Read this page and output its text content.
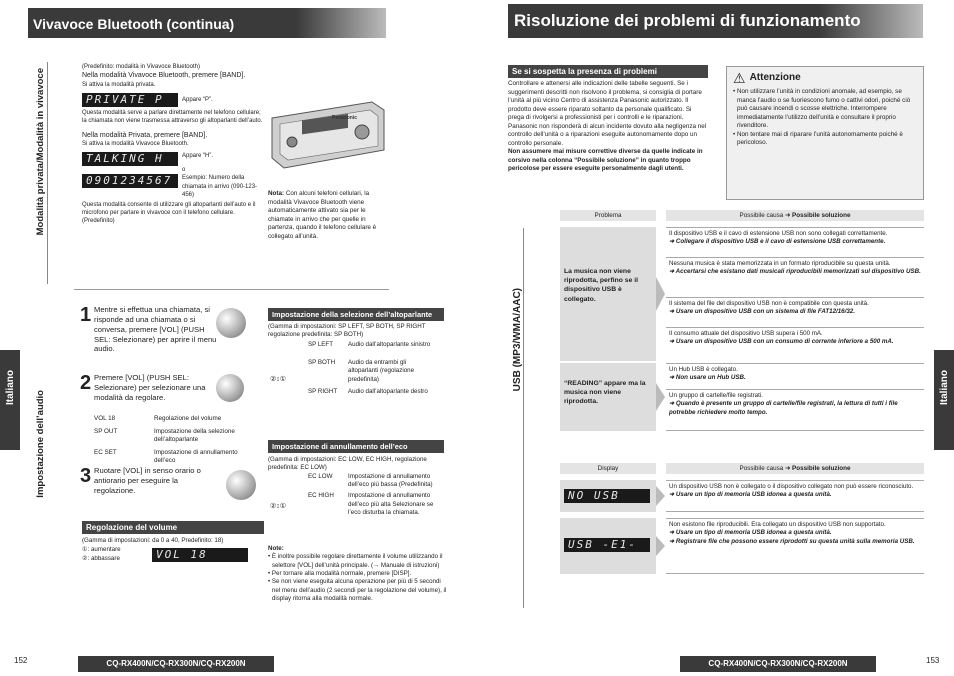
Vivavoce Bluetooth (continua)
Modalità privata/Modalità in vivavoce
Impostazione dell’audio
Italiano
(Predefinito: modalità in Vivavoce Bluetooth)
Nella modalità Vivavoce Bluetooth, premere [BAND].
Si attiva la modalità privata.
PRIVATE P	Appare “P”.
Questa modalità serve a parlare direttamente nel telefono cellulare; la chiamata non viene trasmessa attraverso gli altoparlanti dell’auto.
Nella modalità Privata, premere [BAND].
Si attiva la modalità Vivavoce Bluetooth.
TALKING H	Appare “H”.
o
0901234567	Esempio: Numero della chiamata in arrivo (090-123-456)
Questa modalità consente di utilizzare gli altoparlanti dell’auto e il microfono per parlare in vivavoce con il telefono cellulare. (Predefinito)
Panasonic
Nota: Con alcuni telefoni cellulari, la modalità Vivavoce Bluetooth viene automaticamente attivato sia per le chiamate in arrivo che per quelle in partenza, quando il telefono cellulare è collegato all’unità.
1 Mentre si effettua una chiamata, si risponde ad una chiamata o si conversa, premere [VOL] (PUSH SEL: Selezionare) per aprire il menu audio.
2 Premere [VOL] (PUSH SEL: Selezionare) per selezionare una modalità da regolare.
VOL 18	Regolazione del volume
SP OUT	Impostazione della selezione dell’altoparlante
EC SET	Impostazione di annullamento dell’eco
3 Ruotare [VOL] in senso orario o antiorario per eseguire la regolazione.
Regolazione del volume
(Gamma di impostazioni: da 0 a 40, Predefinito: 18)
①: aumentare
②: abbassare	VOL 18
Impostazione della selezione dell’altoparlante
(Gamma di impostazioni: SP LEFT, SP BOTH, SP RIGHT regolazione predefinita: SP BOTH)
SP LEFT	Audio dall’altoparlante sinistro
SP BOTH	Audio da entrambi gli altoparlanti (regolazione predefinita)
SP RIGHT	Audio dall’altoparlante destro
②↕①
Impostazione di annullamento dell’eco
(Gamma di impostazioni: EC LOW, EC HIGH, regolazione predefinita: EC LOW)
EC LOW	Impostazione di annullamento dell’eco più bassa (Predefinita)
EC HIGH	Impostazione di annullamento dell’eco più alta Selezionare se l’eco disturba la chiamata.
②↕①
Note:
• È inoltre possibile regolare direttamente il volume utilizzando il selettore [VOL] dell’unità principale. (→ Manuale di istruzioni)
• Per tornare alla modalità normale, premere [DISP].
• Se non viene eseguita alcuna operazione per più di 5 secondi nel menu dell’audio (2 secondi per la regolazione del volume), il display ritorna alla modalità normale.
152	CQ-RX400N/CQ-RX300N/CQ-RX200N
Risoluzione dei problemi di funzionamento
Se si sospetta la presenza di problemi
Controllare e attenersi alle indicazioni delle tabelle seguenti. Se i suggerimenti descritti non risolvono il problema, si consiglia di portare l’unità al più vicino Centro di assistenza Panasonic autorizzato. Il prodotto deve essere riparato soltanto da personale qualificato. Si prega di rivolgersi a professionisti per i controlli e le riparazioni. Panasonic non risponderà di alcun incidente dovuto alla negligenza nel controllo dell’unità o a riparazioni eseguite autonomamente dopo un controllo personale.
Non assumere mai misure correttive diverse da quelle indicate in corsivo nella colonna “Possibile soluzione” in quanto troppo pericolose per essere eseguite personalmente dagli utenti.
⚠ Attenzione
• Non utilizzare l’unità in condizioni anomale, ad esempio, se manca l’audio o se fuoriescono fumo o cattivi odori, poiché ciò può causare incendi o scosse elettriche. Interrompere immediatamente l’utilizzo dell’unità e consultare il proprio rivenditore.
• Non tentare mai di riparare l’unità autonomamente poiché è pericoloso.
USB (MP3/WMA/AAC)	Italiano
Problema	Possibile causa ➜ Possibile soluzione
La musica non viene riprodotta, perfino se il dispositivo USB è collegato.
Il dispositivo USB e il cavo di estensione USB non sono collegati correttamente.
➜ Collegare il dispositivo USB e il cavo di estensione USB correttamente.
Nessuna musica è stata memorizzata in un formato riproducibile su questa unità.
➜ Accertarsi che esistano dati musicali riproducibili memorizzati sul dispositivo USB.
Il sistema del file del dispositivo USB non è compatibile con questa unità.
➜ Usare un dispositivo USB con un sistema di file FAT12/16/32.
Il consumo attuale del dispositivo USB supera i 500 mA.
➜ Usare un dispositivo USB con un consumo di corrente inferiore a 500 mA.
“READING” appare ma la musica non viene riprodotta.
Un Hub USB è collegato.
➜ Non usare un Hub USB.
Un gruppo di cartelle/file registrati.
➜ Quando è presente un gruppo di cartelle/file registrati, la lettura di tutti i file potrebbe richiedere molto tempo.
Display	Possibile causa ➜ Possibile soluzione
NO USB
Un dispositivo USB non è collegato o il dispositivo collegato non può essere riconosciuto.
➜ Usare un tipo di memoria USB idonea a questa unità.
USB -E1-
Non esistono file riproducibili. Era collegato un dispositivo USB non supportato.
➜ Usare un tipo di memoria USB idonea a questa unità.
➜ Registrare file che possono essere riprodotti su questa unità sulla memoria USB.
CQ-RX400N/CQ-RX300N/CQ-RX200N	153
